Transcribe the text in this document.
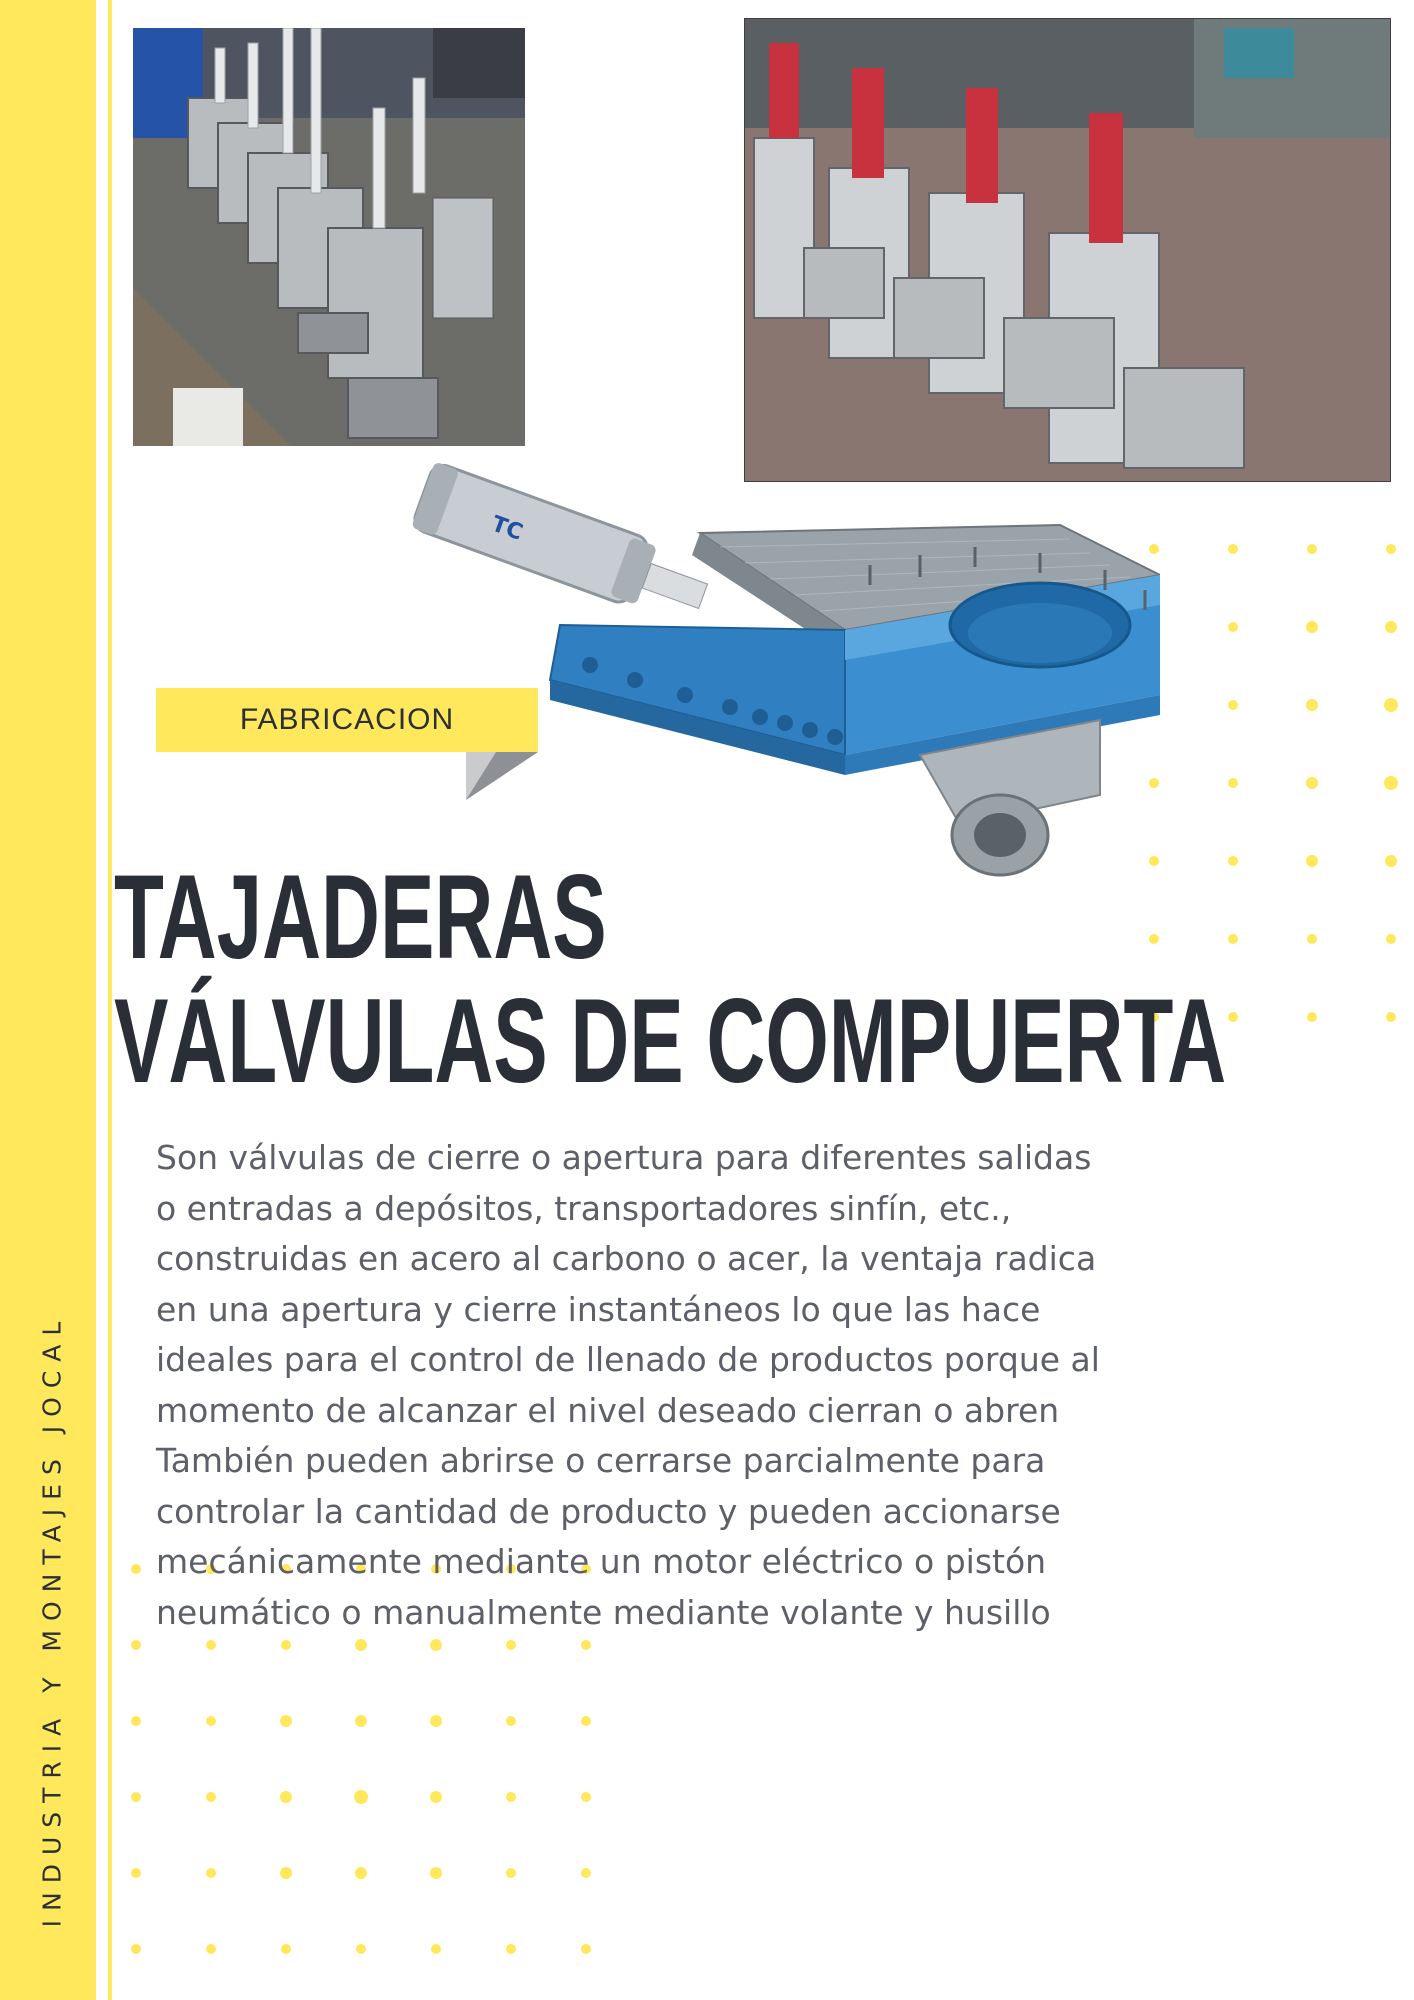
INDUSTRIA Y MONTAJES JOCAL
TC
FABRICACION
TAJADERAS
VÁLVULAS DE COMPUERTA

Son válvulas de cierre o apertura para diferentes salidas
o entradas a depósitos, transportadores sinfín, etc.,
construidas en acero al carbono o acer, la ventaja radica
en una apertura y cierre instantáneos lo que las hace
ideales para el control de llenado de productos porque al
momento de alcanzar el nivel deseado cierran o abren
También pueden abrirse o cerrarse parcialmente para
controlar la cantidad de producto y pueden accionarse
mecánicamente mediante un motor eléctrico o pistón
neumático o manualmente mediante volante y husillo
